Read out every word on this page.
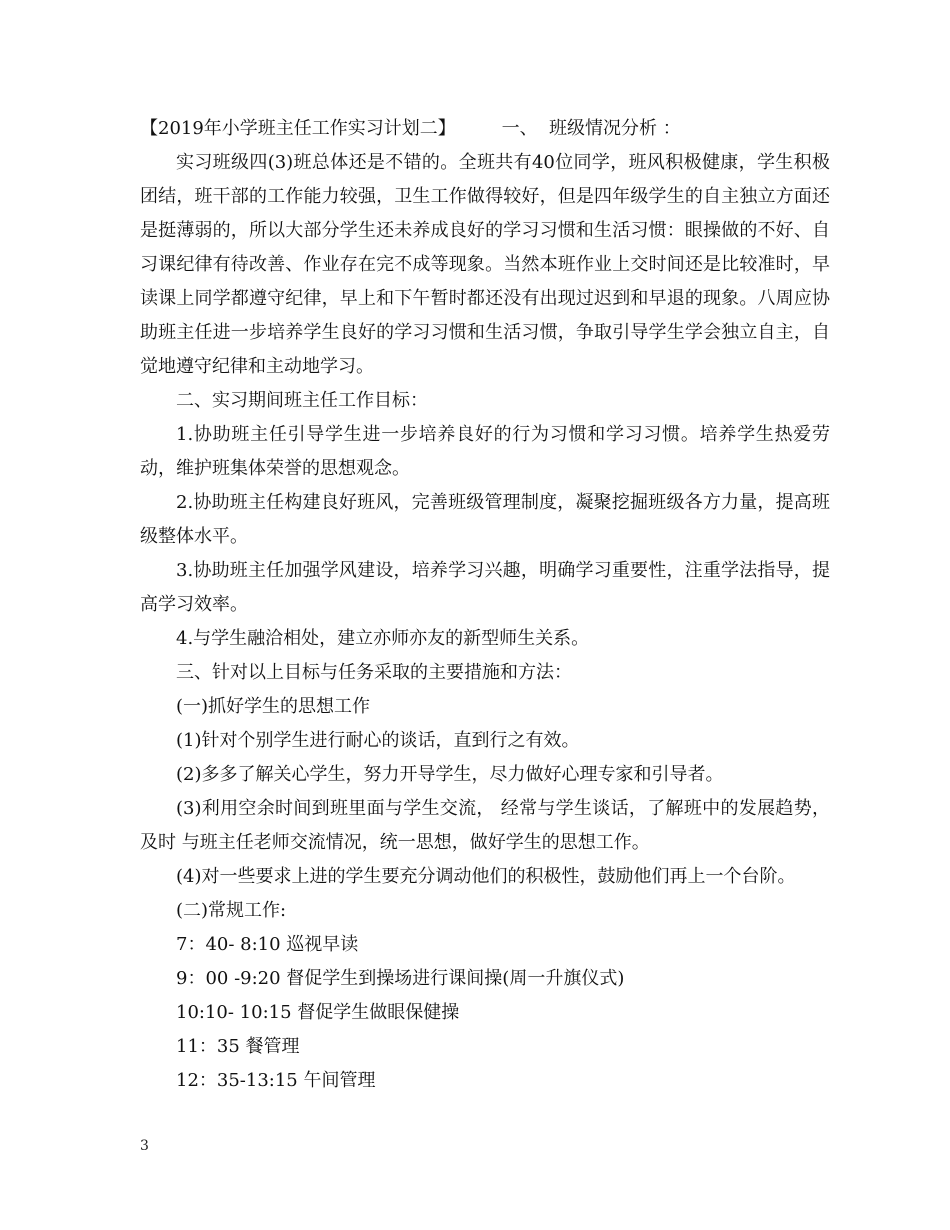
【2019年小学班主任工作实习计划二】        一、  班级情况分析 ：

实习班级四(3)班总体还是不错的。全班共有40位同学，班风积极健康，学生积极团结，班干部的工作能力较强，卫生工作做得较好，但是四年级学生的自主独立方面还是挺薄弱的，所以大部分学生还未养成良好的学习习惯和生活习惯：眼操做的不好、自习课纪律有待改善、作业存在完不成等现象。当然本班作业上交时间还是比较准时，早读课上同学都遵守纪律，早上和下午暂时都还没有出现过迟到和早退的现象。八周应协助班主任进一步培养学生良好的学习习惯和生活习惯，争取引导学生学会独立自主，自觉地遵守纪律和主动地学习。

二、实习期间班主任工作目标：

1.协助班主任引导学生进一步培养良好的行为习惯和学习习惯。培养学生热爱劳动，维护班集体荣誉的思想观念。

2.协助班主任构建良好班风，完善班级管理制度，凝聚挖掘班级各方力量，提高班级整体水平。

3.协助班主任加强学风建设，培养学习兴趣，明确学习重要性，注重学法指导，提高学习效率。

4.与学生融洽相处，建立亦师亦友的新型师生关系。

三、针对以上目标与任务采取的主要措施和方法：

(一)抓好学生的思想工作

(1)针对个别学生进行耐心的谈话，直到行之有效。

(2)多多了解关心学生，努力开导学生，尽力做好心理专家和引导者。

(3)利用空余时间到班里面与学生交流， 经常与学生谈话，了解班中的发展趋势，及时 与班主任老师交流情况，统一思想，做好学生的思想工作。

(4)对一些要求上进的学生要充分调动他们的积极性，鼓励他们再上一个台阶。

(二)常规工作:

7：40- 8:10 巡视早读

9：00 -9:20 督促学生到操场进行课间操(周一升旗仪式)

10:10- 10:15 督促学生做眼保健操

11：35 餐管理

12：35-13:15 午间管理

3
